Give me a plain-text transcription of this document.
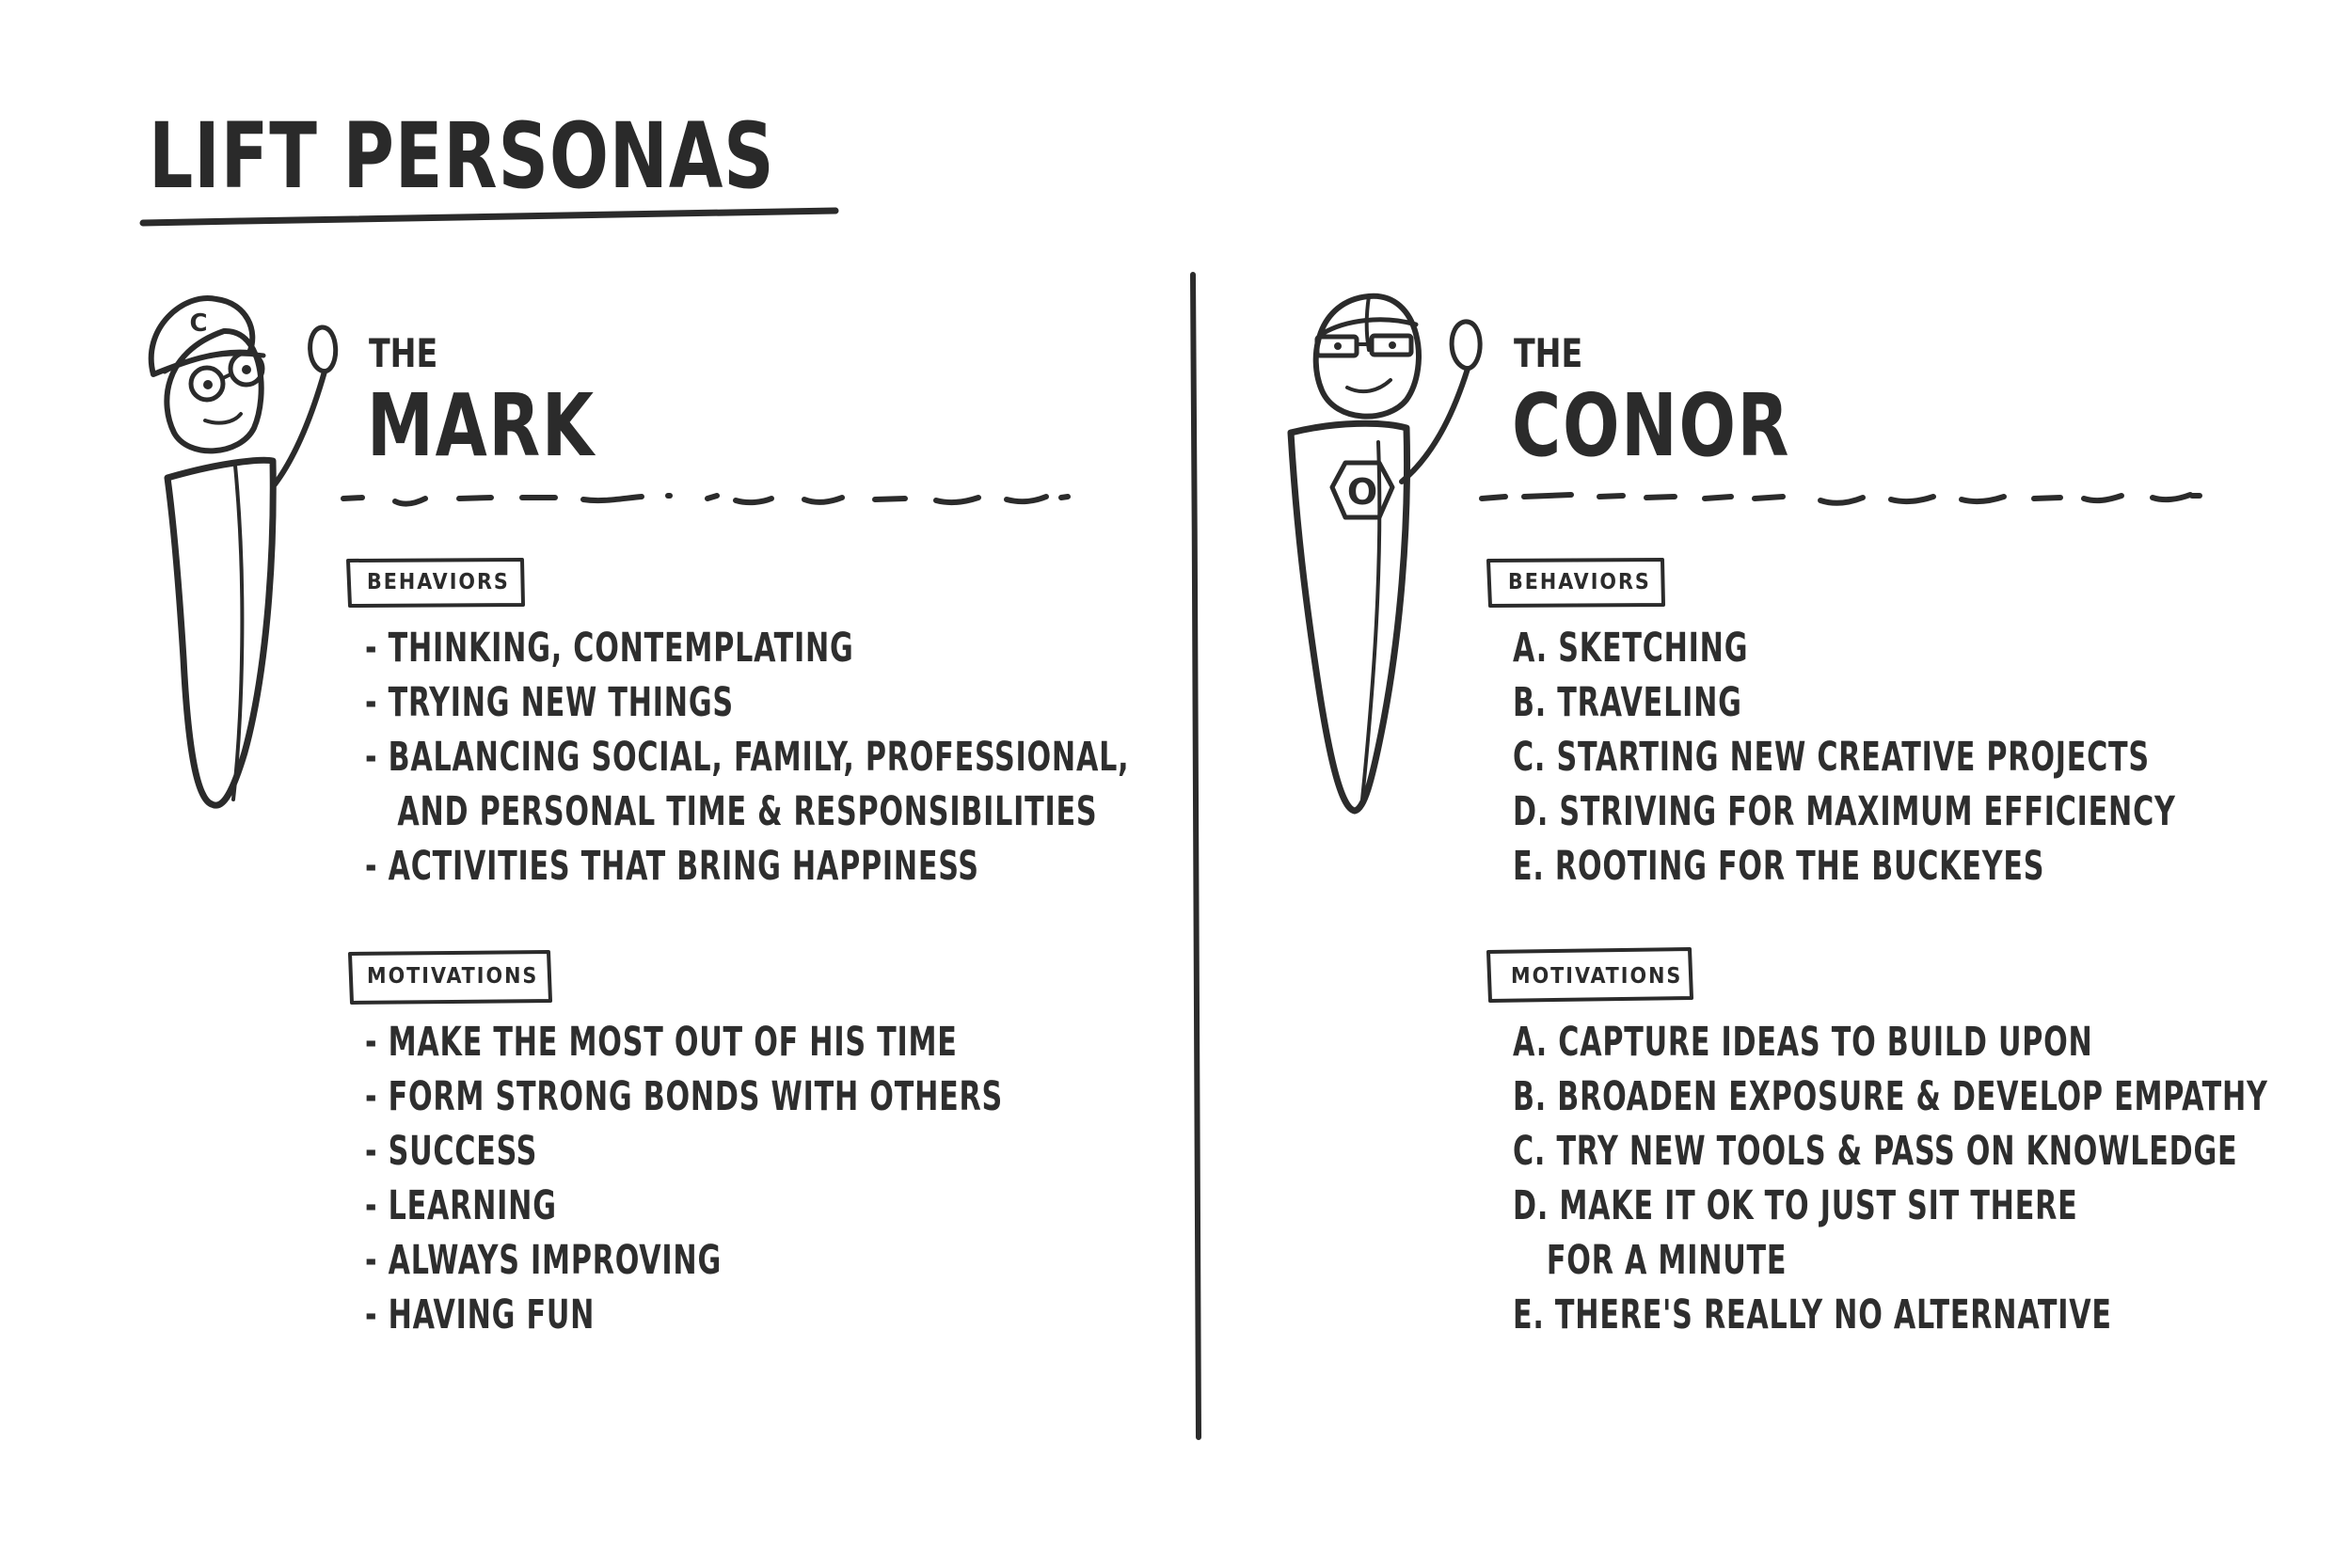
LIFT PERSONAS
C
O
THE
MARK
BEHAVIORS
- THINKING, CONTEMPLATING
- TRYING NEW THINGS
- BALANCING SOCIAL, FAMILY, PROFESSIONAL,
AND PERSONAL TIME & RESPONSIBILITIES
- ACTIVITIES THAT BRING HAPPINESS
MOTIVATIONS
- MAKE THE MOST OUT OF HIS TIME
- FORM STRONG BONDS WITH OTHERS
- SUCCESS
- LEARNING
- ALWAYS IMPROVING
- HAVING FUN
THE
CONOR
BEHAVIORS
A. SKETCHING
B. TRAVELING
C. STARTING NEW CREATIVE PROJECTS
D. STRIVING FOR MAXIMUM EFFICIENCY
E. ROOTING FOR THE BUCKEYES
MOTIVATIONS
A. CAPTURE IDEAS TO BUILD UPON
B. BROADEN EXPOSURE & DEVELOP EMPATHY
C. TRY NEW TOOLS & PASS ON KNOWLEDGE
D. MAKE IT OK TO JUST SIT THERE
FOR A MINUTE
E. THERE'S REALLY NO ALTERNATIVE
